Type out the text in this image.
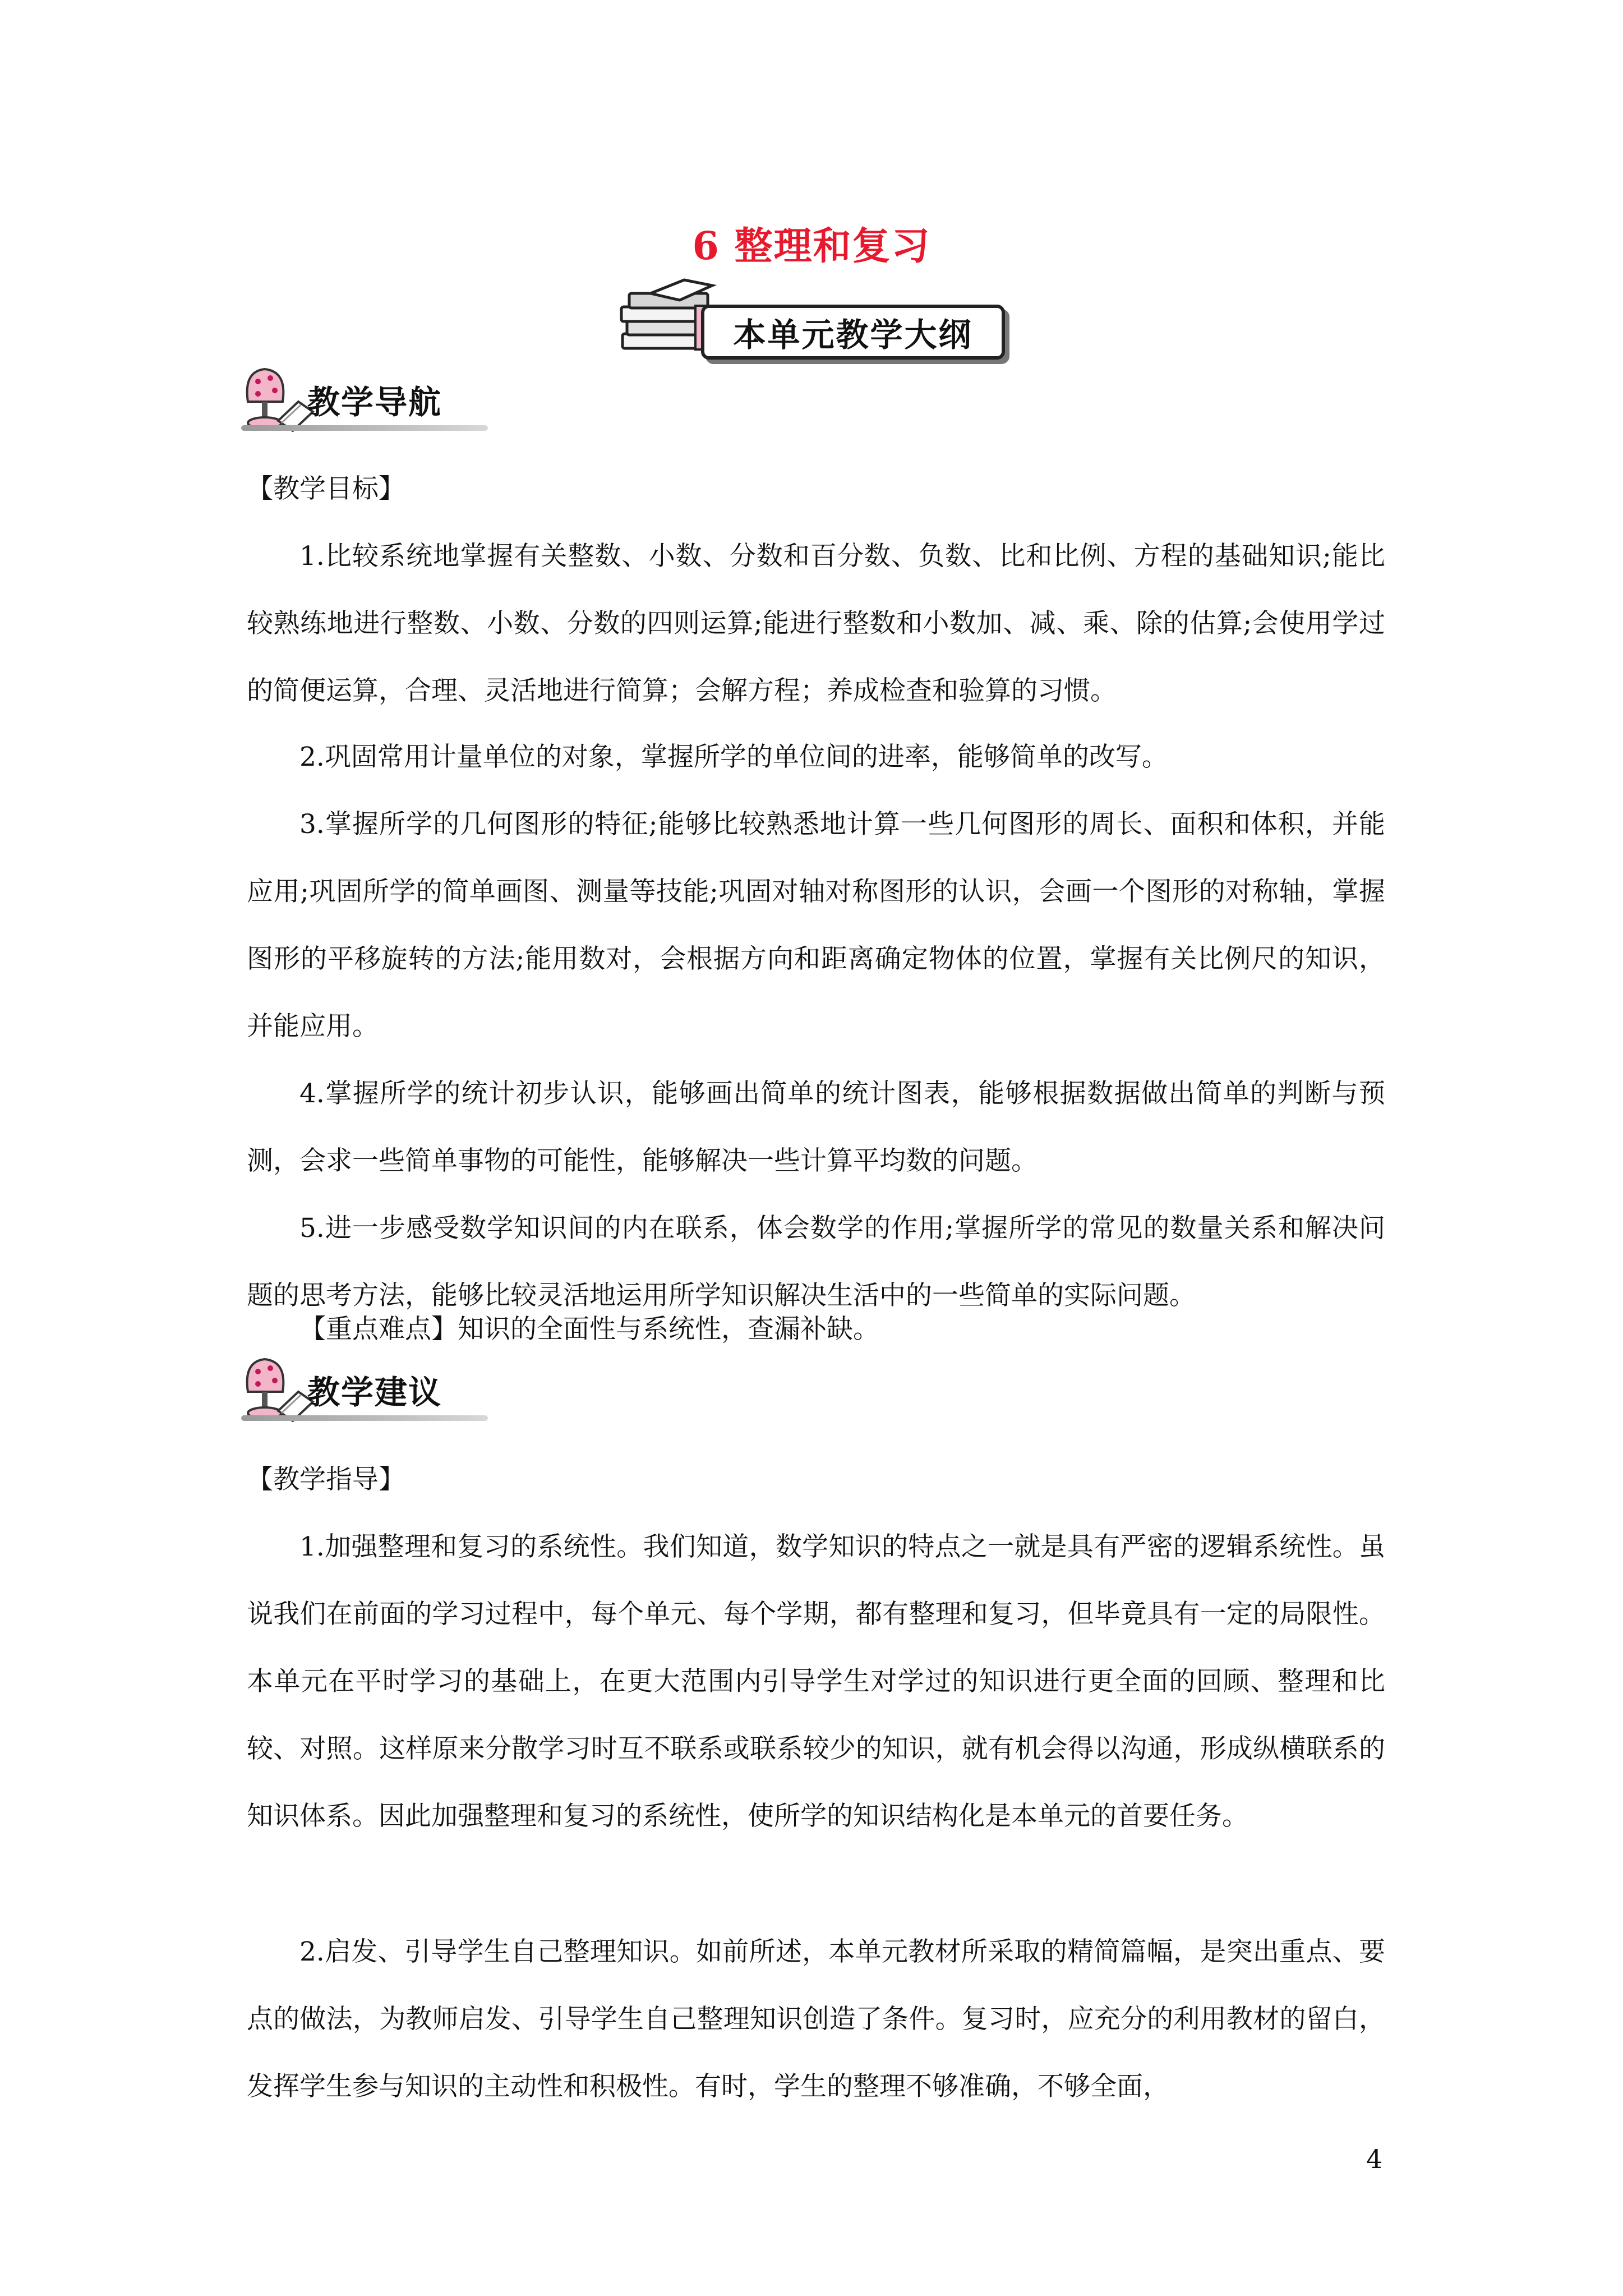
6 整理和复习
本单元教学大纲
教学导航

【教学目标】

1.比较系统地掌握有关整数、小数、分数和百分数、负数、比和比例、方程的基础知识;能比较熟练地进行整数、小数、分数的四则运算;能进行整数和小数加、减、乘、除的估算;会使用学过的简便运算，合理、灵活地进行简算；会解方程；养成检查和验算的习惯。

2.巩固常用计量单位的对象，掌握所学的单位间的进率，能够简单的改写。

3.掌握所学的几何图形的特征;能够比较熟悉地计算一些几何图形的周长、面积和体积，并能应用;巩固所学的简单画图、测量等技能;巩固对轴对称图形的认识，会画一个图形的对称轴，掌握图形的平移旋转的方法;能用数对，会根据方向和距离确定物体的位置，掌握有关比例尺的知识，并能应用。

4.掌握所学的统计初步认识，能够画出简单的统计图表，能够根据数据做出简单的判断与预测，会求一些简单事物的可能性，能够解决一些计算平均数的问题。

5.进一步感受数学知识间的内在联系，体会数学的作用;掌握所学的常见的数量关系和解决问题的思考方法，能够比较灵活地运用所学知识解决生活中的一些简单的实际问题。

【重点难点】知识的全面性与系统性，查漏补缺。

教学建议

【教学指导】

1.加强整理和复习的系统性。我们知道，数学知识的特点之一就是具有严密的逻辑系统性。虽说我们在前面的学习过程中，每个单元、每个学期，都有整理和复习，但毕竟具有一定的局限性。本单元在平时学习的基础上，在更大范围内引导学生对学过的知识进行更全面的回顾、整理和比较、对照。这样原来分散学习时互不联系或联系较少的知识，就有机会得以沟通，形成纵横联系的知识体系。因此加强整理和复习的系统性，使所学的知识结构化是本单元的首要任务。

2.启发、引导学生自己整理知识。如前所述，本单元教材所采取的精简篇幅，是突出重点、要点的做法，为教师启发、引导学生自己整理知识创造了条件。复习时，应充分的利用教材的留白，发挥学生参与知识的主动性和积极性。有时，学生的整理不够准确，不够全面，

4
